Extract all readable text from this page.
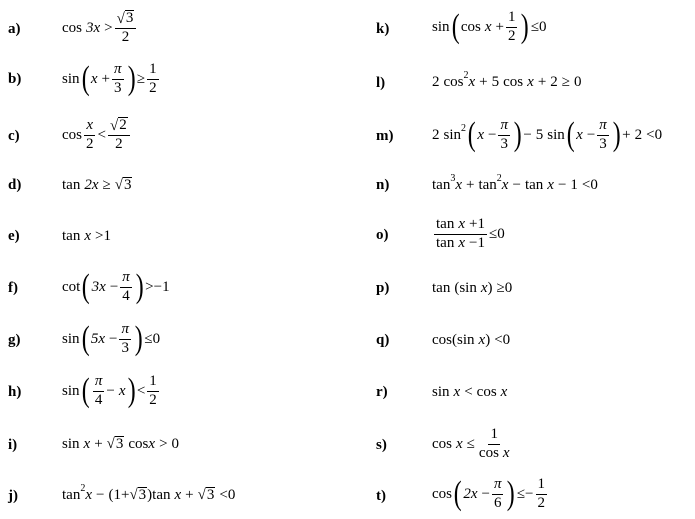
a)	$\cos 3x > \frac{√ 3}{2}$
b)	sin ( $x + \frac{\pi}{3}$ ) ≥ $\frac{1}{2}$
c)	$\cos \frac{x}{2} < \frac{√ 2}{2}$
d)	tan 2x ≥ √ 3
e)	tan x > 1
f)	cot ( $3x - \frac{\pi}{4}$ ) > − 1
g)	sin ( $5x - \frac{\pi}{3}$ ) ≤ 0
h)	sin ( $\frac{\pi}{4} - x$ ) < $\frac{1}{2}$
i)	sin x + √ 3 cos x > 0
j)	$\tan^2 x$ − ( 1 + √ 3 ) tan x + √ 3 < 0
k)	sin ( $\cos x + \frac{1}{2}$ ) ≤ 0
l)	2 $\cos^2 x + 5$ cos x + 2 ≥ 0
m)	2 $\sin^2$ ( $x - \frac{\pi}{3}$ ) − 5 sin ( $x - \frac{\pi}{3}$ ) + 2 < 0
n)	$\tan^3 x + \tan^2 x - \tan x - 1 < 0$
o)	$\frac{\text{tan x +1}}{\text{tan x −1}} \le 0$
p)	tan ( sin x ) ≥ 0
q)	cos ( sin x ) < 0
r)	sin x < cos x
s)	$\cos x \le \frac{1}{\text{cos x}}$
t)	cos ( $2x - \frac{\pi}{6}$ ) ≤ − $\frac{1}{2}$
